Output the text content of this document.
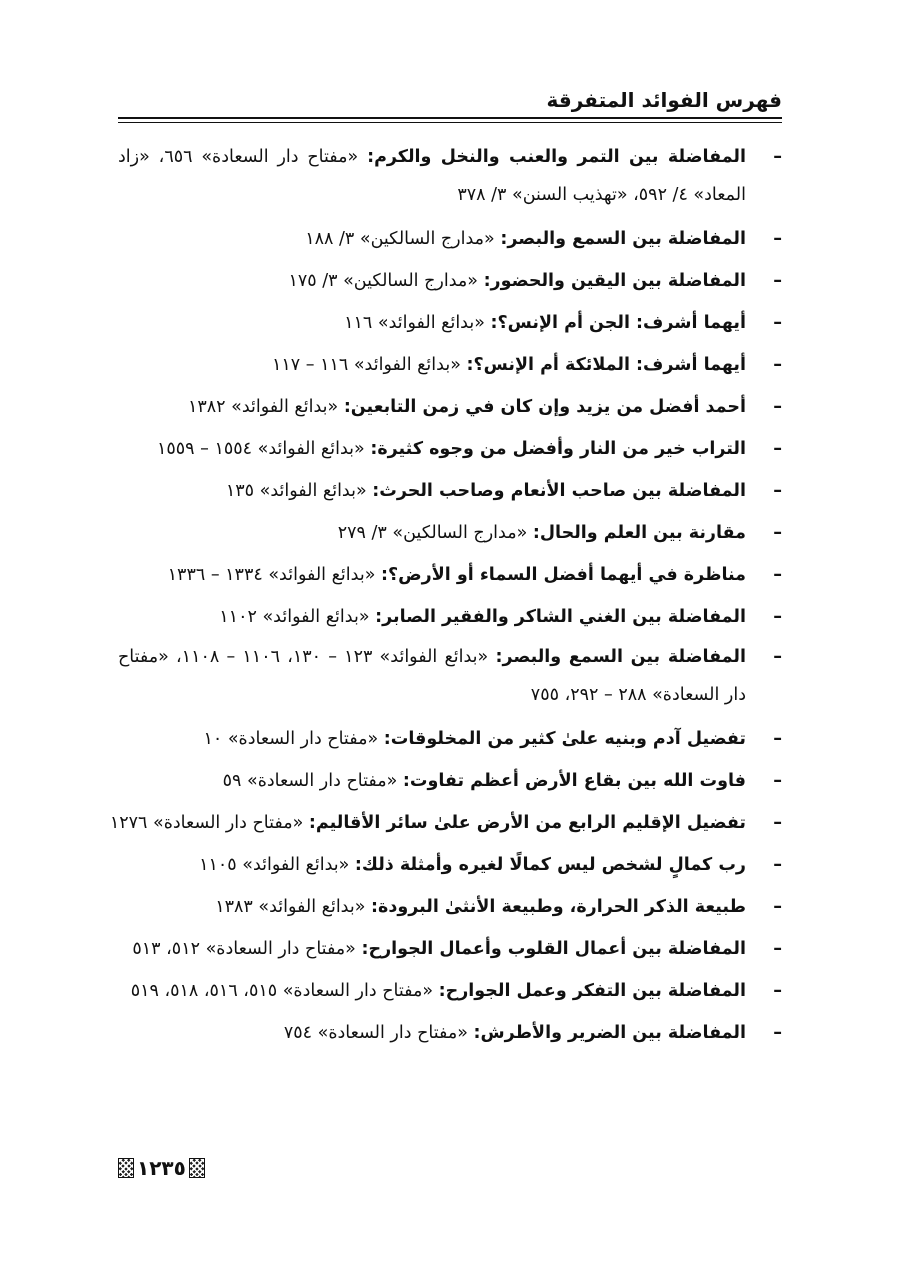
فهرس الفوائد المتفرقة
–
المفاضلة بين التمر والعنب والنخل والكرم: «مفتاح دار السعادة» ٦٥٦، «زاد المعاد» ٤/ ٥٩٢، «تهذيب السنن» ٣/ ٣٧٨
–
المفاضلة بين السمع والبصر: «مدارج السالكين» ٣/ ١٨٨
–
المفاضلة بين اليقين والحضور: «مدارج السالكين» ٣/ ١٧٥
–
أيهما أشرف: الجن أم الإنس؟: «بدائع الفوائد» ١١٦
–
أيهما أشرف: الملائكة أم الإنس؟: «بدائع الفوائد» ١١٦ – ١١٧
–
أحمد أفضل من يزيد وإن كان في زمن التابعين: «بدائع الفوائد» ١٣٨٢
–
التراب خير من النار وأفضل من وجوه كثيرة: «بدائع الفوائد» ١٥٥٤ – ١٥٥٩
–
المفاضلة بين صاحب الأنعام وصاحب الحرث: «بدائع الفوائد» ١٣٥
–
مقارنة بين العلم والحال: «مدارج السالكين» ٣/ ٢٧٩
–
مناظرة في أيهما أفضل السماء أو الأرض؟: «بدائع الفوائد» ١٣٣٤ – ١٣٣٦
–
المفاضلة بين الغني الشاكر والفقير الصابر: «بدائع الفوائد» ١١٠٢
–
المفاضلة بين السمع والبصر: «بدائع الفوائد» ١٢٣ – ١٣٠، ١١٠٦ – ١١٠٨، «مفتاح دار السعادة» ٢٨٨ – ٢٩٢، ٧٥٥
–
تفضيل آدم وبنيه علىٰ كثير من المخلوقات: «مفتاح دار السعادة» ١٠
–
فاوت الله بين بقاع الأرض أعظم تفاوت: «مفتاح دار السعادة» ٥٩
–
تفضيل الإقليم الرابع من الأرض علىٰ سائر الأقاليم: «مفتاح دار السعادة» ١٢٧٦
–
رب كمالٍ لشخص ليس كمالًا لغيره وأمثلة ذلك: «بدائع الفوائد» ١١٠٥
–
طبيعة الذكر الحرارة، وطبيعة الأنثىٰ البرودة: «بدائع الفوائد» ١٣٨٣
–
المفاضلة بين أعمال القلوب وأعمال الجوارح: «مفتاح دار السعادة» ٥١٢، ٥١٣
–
المفاضلة بين التفكر وعمل الجوارح: «مفتاح دار السعادة» ٥١٥، ٥١٦، ٥١٨، ٥١٩
–
المفاضلة بين الضرير والأطرش: «مفتاح دار السعادة» ٧٥٤
١٢٣٥
